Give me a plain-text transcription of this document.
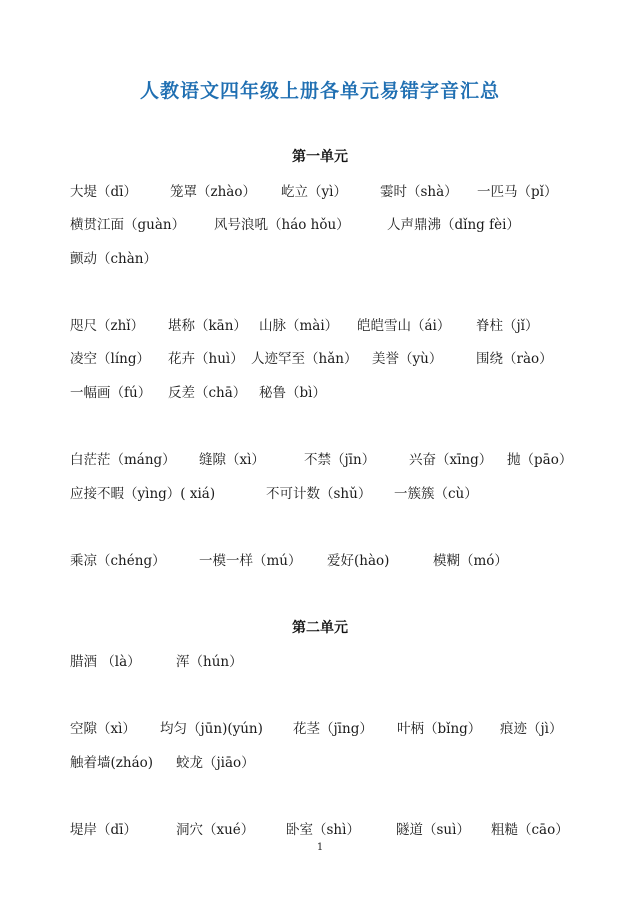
人教语文四年级上册各单元易错字音汇总
第一单元
大堤（dī） 笼罩（zhào） 屹立（yì） 霎时（shà） 一匹马（pǐ）
横贯江面（guàn） 风号浪吼（háo hǒu）	人声鼎沸（dǐng fèi）
颤动（chàn）
咫尺（zhǐ） 堪称（kān） 山脉（mài） 皑皑雪山（ái） 脊柱（jǐ）
凌空（líng） 花卉（huì） 人迹罕至（hǎn） 美誉（yù） 围绕（rào）
一幅画（fú） 反差（chā） 秘鲁（bì）
白茫茫（máng） 缝隙（xì）	不禁（jīn）	兴奋（xīng） 抛（pāo）
应接不暇（yìng）( xiá)	不可计数（shǔ） 一簇簇（cù）
乘凉（chéng） 一模一样（mú） 爱好(hào)	模糊（mó）
第二单元
腊酒 （là）	浑（hún）
空隙（xì） 均匀（jūn)(yún) 花茎（jīng） 叶柄（bǐng） 痕迹（jì）
触着墙(zháo) 蛟龙（jiāo）
堤岸（dī）	洞穴（xué） 卧室（shì）	隧道（suì） 粗糙（cāo）
1
